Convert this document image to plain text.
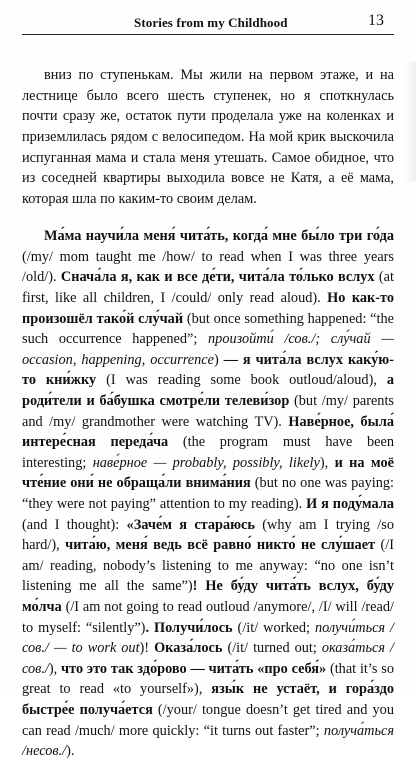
Stories from my Childhood	13

вниз по ступенькам. Мы жили на первом этаже, и на лестнице было всего шесть ступенек, но я споткнулась почти сразу же, остаток пути проделала уже на коленках и приземлилась рядом с велосипедом. На мой крик выскочила испуганная мама и стала меня утешать. Самое обидное, что из соседней квартиры выходила вовсе не Катя, а её мама, которая шла по каким-то своим делам.

Ма́ма научи́ла меня́ чита́ть, когда́ мне бы́ло три го́да (/my/ mom taught me /how/ to read when I was three years /old/). Снача́ла я, как и все де́ти, чита́ла то́лько вслух (at first, like all children, I /could/ only read aloud). Но как-то произошёл тако́й слу́чай (but once something happened: “the such occurrence happened”; произойти́ /сов./; слу́чай — occasion, happening, occurrence) — я чита́ла вслух каку́ю-то кни́жку (I was reading some book outloud/aloud), а роди́тели и ба́бушка смотре́ли телеви́зор (but /my/ parents and /my/ grandmother were watching TV). Наве́рное, была́ интере́сная переда́ча (the program must have been interesting; наве́рное — probably, possibly, likely), и на моё чте́ние они́ не обраща́ли внима́ния (but no one was paying: “they were not paying” attention to my reading). И я поду́мала (and I thought): «Заче́м я стара́юсь (why am I trying /so hard/), чита́ю, меня́ ведь всё равно́ никто́ не слу́шает (/I am/ reading, nobody’s listening to me anyway: “no one isn’t listening me all the same”)! Не бу́ду чита́ть вслух, бу́ду мо́лча (/I am not going to read outloud /anymore/, /I/ will /read/ to myself: “silently”). Получи́лось (/it/ worked; получи́ться /сов./ — to work out)! Оказа́лось (/it/ turned out; оказа́ться /сов./), что это так здо́рово — чита́ть «про себя́» (that it’s so great to read «to yourself»), язы́к не устаёт, и гора́здо быстре́е получа́ется (/your/ tongue doesn’t get tired and you can read /much/ more quickly: “it turns out faster”; получа́ться /несов./).
